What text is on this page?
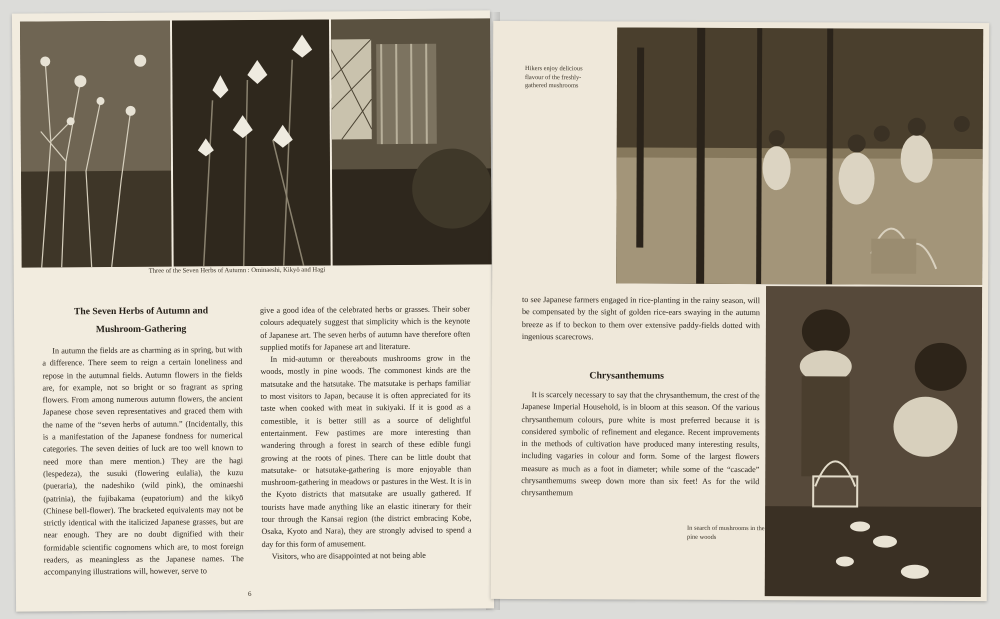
Three of the Seven Herbs of Autumn : Ominaeshi, Kikyō and Hagi
The Seven Herbs of Autumn and Mushroom-Gathering

In autumn the fields are as charming as in spring, but with a difference. There seem to reign a certain loneliness and repose in the autumnal fields. Autumn flowers in the fields are, for example, not so bright or so fragrant as spring flowers. From among numerous autumn flowers, the ancient Japanese chose seven representatives and graced them with the name of the “seven herbs of autumn.” (Incidentally, this is a manifestation of the Japanese fondness for numerical categories. The seven deities of luck are too well known to need more than mere mention.) They are the hagi (lespedeza), the susuki (flowering eulalia), the kuzu (pueraria), the nadeshiko (wild pink), the ominaeshi (patrinia), the fujibakama (eupatorium) and the kikyō (Chinese bell-flower). The bracketed equivalents may not be strictly identical with the italicized Japanese grasses, but are near enough. They are no doubt dignified with their formidable scientific cognomens which are, to most foreign readers, as meaningless as the Japanese names. The accompanying illustrations will, however, serve to

give a good idea of the celebrated herbs or grasses. Their sober colours adequately suggest that simplicity which is the keynote of Japanese art. The seven herbs of autumn have therefore often supplied motifs for Japanese art and literature.

In mid-autumn or thereabouts mushrooms grow in the woods, mostly in pine woods. The commonest kinds are the matsutake and the hatsutake. The matsutake is perhaps familiar to most visitors to Japan, because it is often appreciated for its taste when cooked with meat in sukiyaki. If it is good as a comestible, it is better still as a source of delightful entertainment. Few pastimes are more interesting than wandering through a forest in search of these edible fungi growing at the roots of pines. There can be little doubt that matsutake- or hatsutake-gathering is more enjoyable than mushroom-gathering in meadows or pastures in the West. It is in the Kyoto districts that matsutake are usually gathered. If tourists have made anything like an elastic itinerary for their tour through the Kansai region (the district embracing Kobe, Osaka, Kyoto and Nara), they are strongly advised to spend a day for this form of amusement.

Visitors, who are disappointed at not being able

6
Hikers enjoy delicious flavour of the freshly-gathered mushrooms

to see Japanese farmers engaged in rice-planting in the rainy season, will be compensated by the sight of golden rice-ears swaying in the autumn breeze as if to beckon to them over extensive paddy-fields dotted with ingenious scarecrows.

Chrysanthemums

It is scarcely necessary to say that the chrysanthemum, the crest of the Japanese Imperial Household, is in bloom at this season. Of the various chrysanthemum colours, pure white is most preferred because it is considered symbolic of refinement and elegance. Recent improvements in the methods of cultivation have produced many interesting results, including vagaries in colour and form. Some of the largest flowers measure as much as a foot in diameter; while some of the “cascade” chrysanthemums sweep down more than six feet! As for the wild chrysanthemum

In search of mushrooms in the pine woods
